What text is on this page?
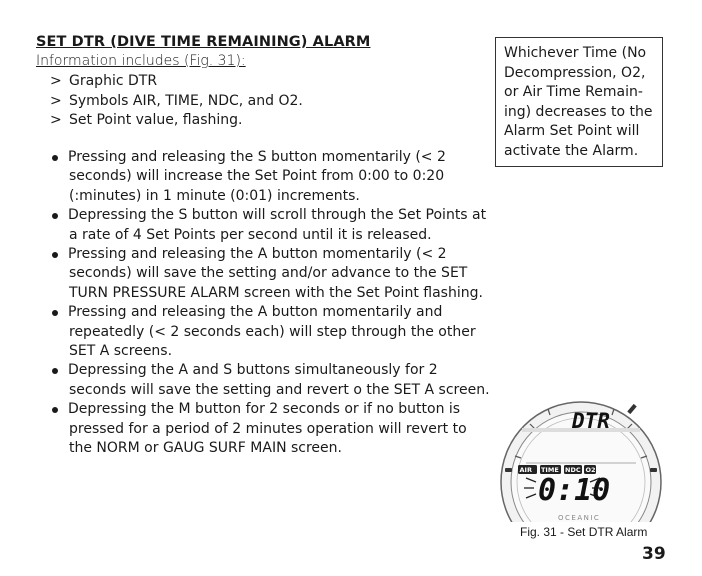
SET DTR (DIVE TIME REMAINING) ALARM
Information includes (Fig. 31):
> Graphic DTR
> Symbols AIR, TIME, NDC, and O2.
> Set Point value, flashing.
Pressing and releasing the S button momentarily (< 2 seconds) will increase the Set Point from 0:00 to 0:20 (:minutes) in 1 minute (0:01) increments.
Depressing the S button will scroll through the Set Points at a rate of 4 Set Points per second until it is released.
Pressing and releasing the A button momentarily (< 2 seconds) will save the setting and/or advance to the SET TURN PRESSURE ALARM screen with the Set Point flashing.
Pressing and releasing the A button momentarily and repeatedly (< 2 seconds each) will step through the other SET A screens.
Depressing the A and S buttons simultaneously for 2 seconds will save the setting and revert o the SET A screen.
Depressing the M button for 2 seconds or if no button is pressed for a period of 2 minutes operation will revert to the NORM or GAUG SURF MAIN screen.
Whichever Time (No Decompression, O2, or Air Time Remain-ing) decreases to the Alarm Set Point will activate the Alarm.
DTR
AIR TIME NDC O2
0:10
OCEANIC
Fig. 31 - Set DTR Alarm
39
